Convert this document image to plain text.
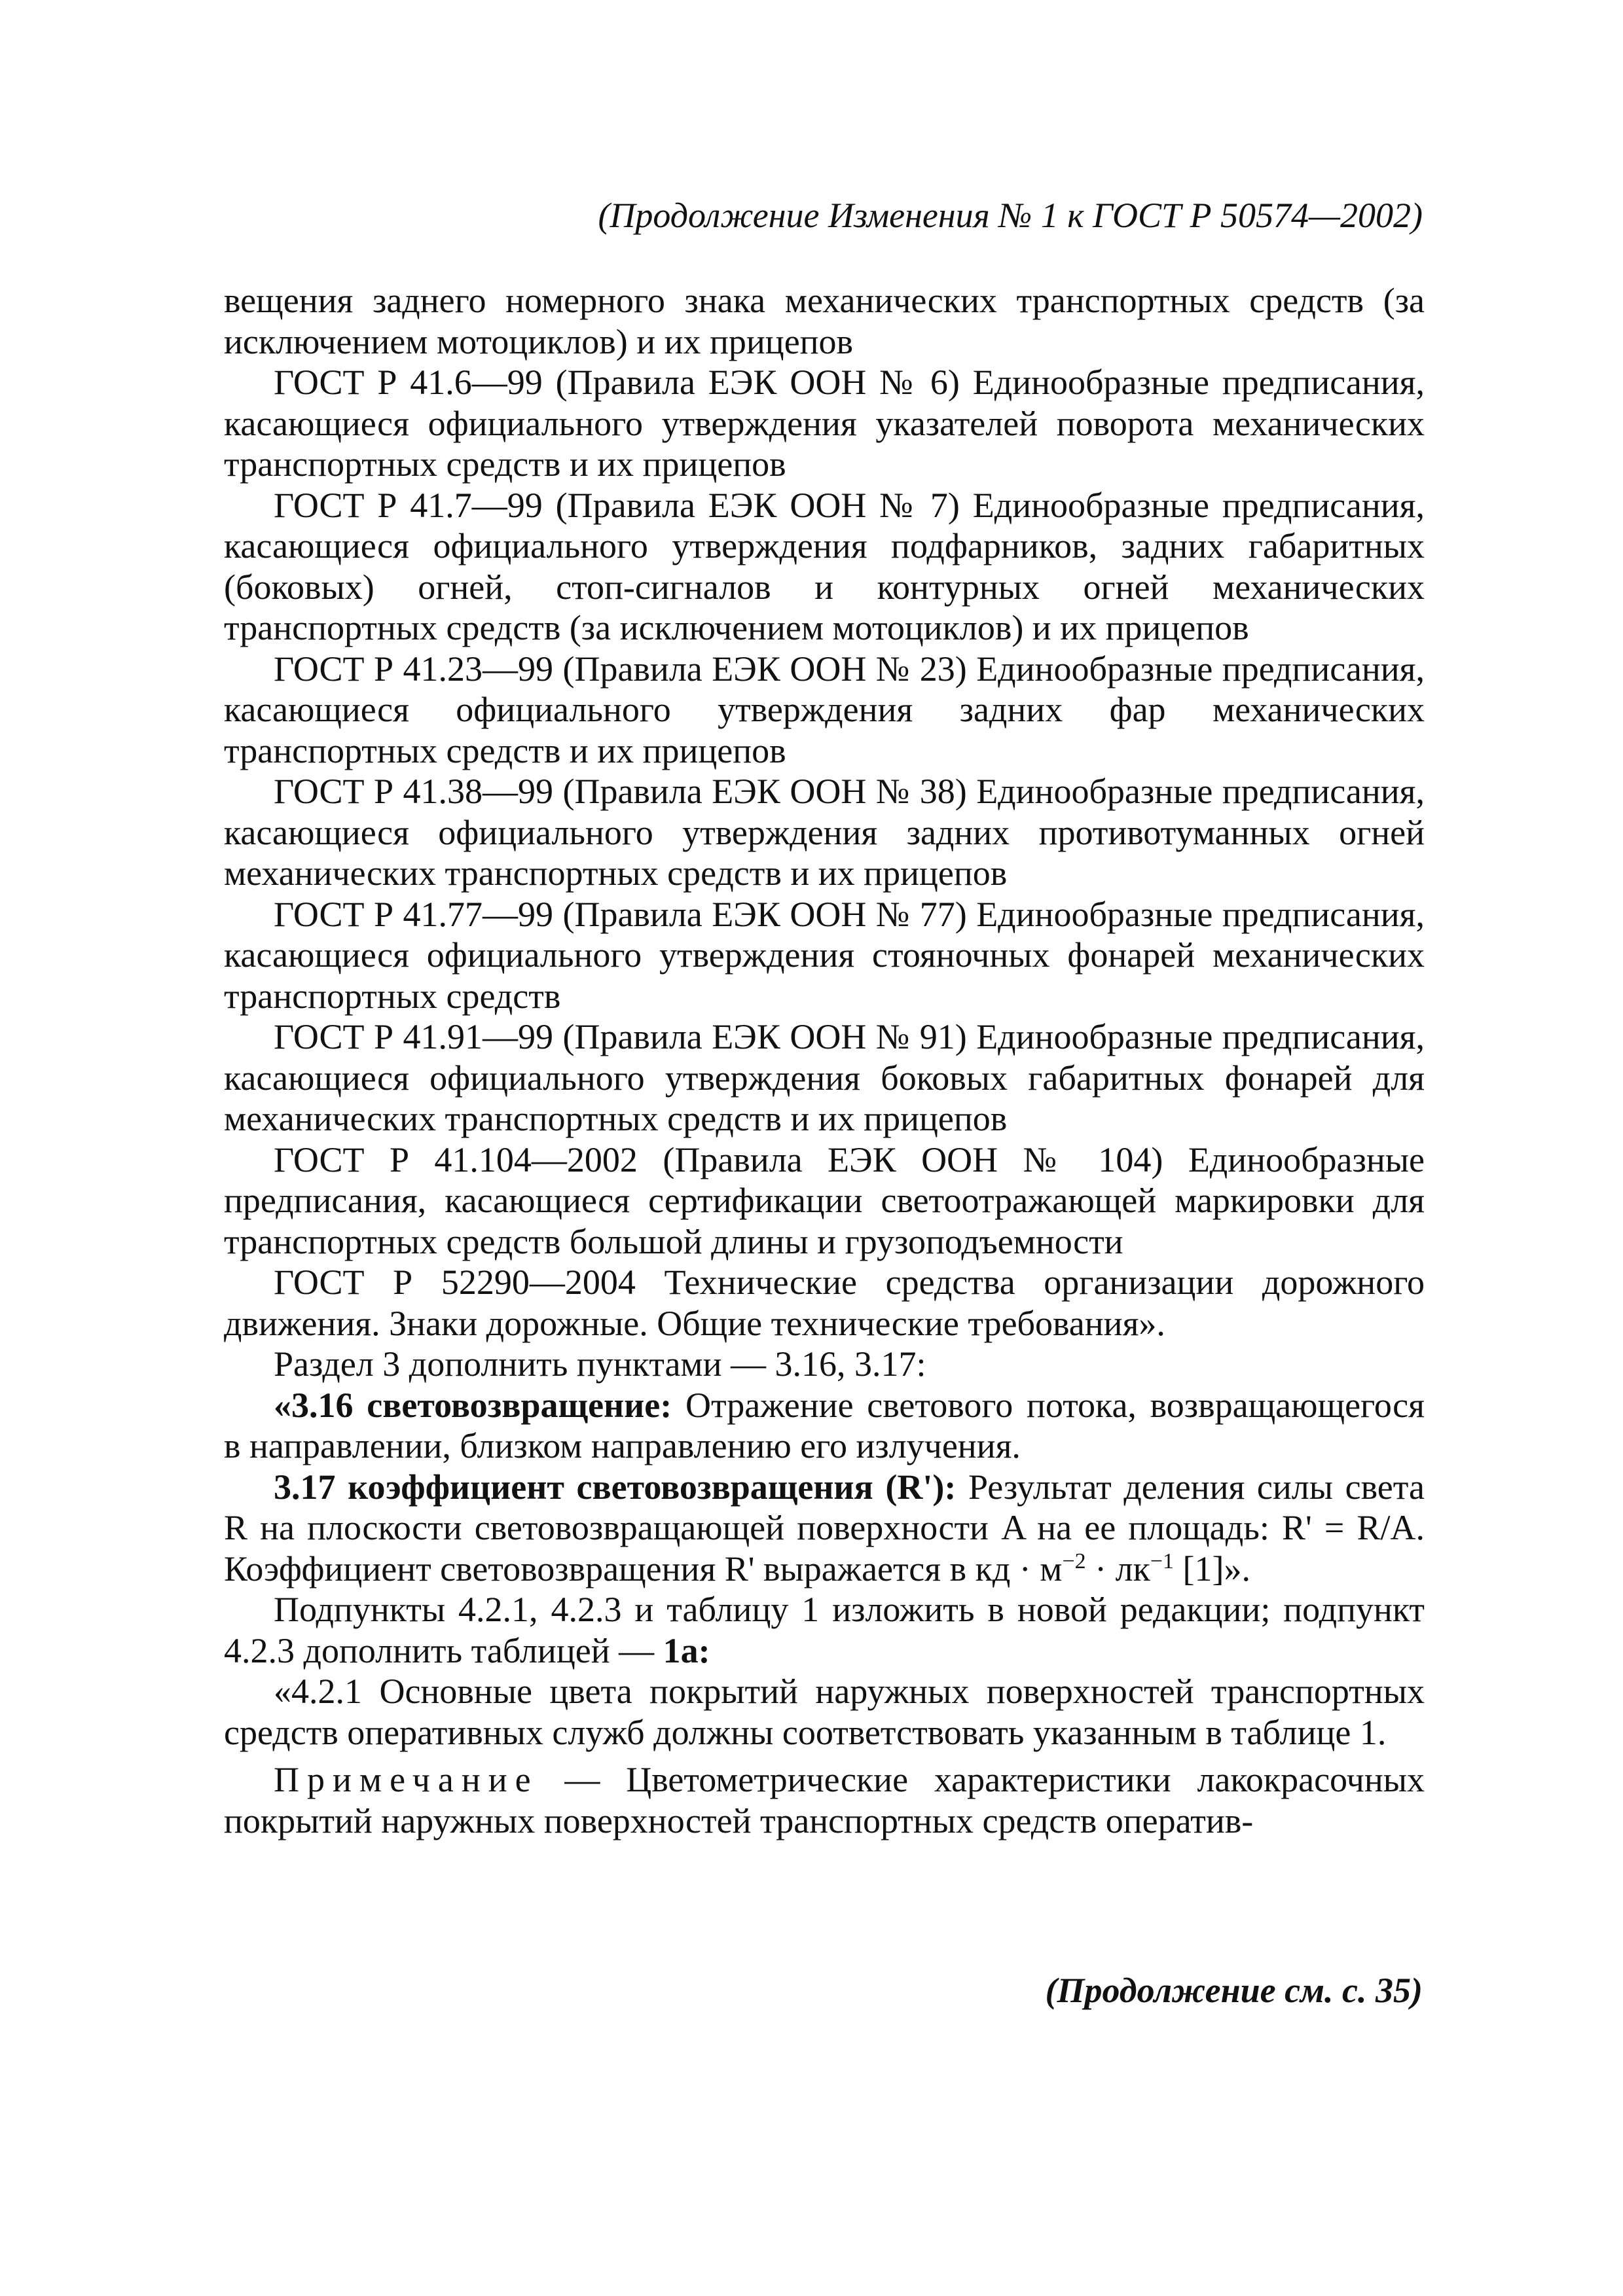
(Продолжение Изменения № 1 к ГОСТ Р 50574—2002)

вещения заднего номерного знака механических транспортных средств (за исключением мотоциклов) и их прицепов

ГОСТ Р 41.6—99 (Правила ЕЭК ООН № 6) Единообразные предписания, касающиеся официального утверждения указателей поворота механических транспортных средств и их прицепов

ГОСТ Р 41.7—99 (Правила ЕЭК ООН № 7) Единообразные предписания, касающиеся официального утверждения подфарников, задних габаритных (боковых) огней, стоп-сигналов и контурных огней механических транспортных средств (за исключением мотоциклов) и их прицепов

ГОСТ Р 41.23—99 (Правила ЕЭК ООН № 23) Единообразные предписания, касающиеся официального утверждения задних фар механических транспортных средств и их прицепов

ГОСТ Р 41.38—99 (Правила ЕЭК ООН № 38) Единообразные предписания, касающиеся официального утверждения задних противотуманных огней механических транспортных средств и их прицепов

ГОСТ Р 41.77—99 (Правила ЕЭК ООН № 77) Единообразные предписания, касающиеся официального утверждения стояночных фонарей механических транспортных средств

ГОСТ Р 41.91—99 (Правила ЕЭК ООН № 91) Единообразные предписания, касающиеся официального утверждения боковых габаритных фонарей для механических транспортных средств и их прицепов

ГОСТ Р 41.104—2002 (Правила ЕЭК ООН № 104) Единообразные предписания, касающиеся сертификации светоотражающей маркировки для транспортных средств большой длины и грузоподъемности

ГОСТ Р 52290—2004 Технические средства организации дорожного движения. Знаки дорожные. Общие технические требования».

Раздел 3 дополнить пунктами — 3.16, 3.17:

«3.16 световозвращение: Отражение светового потока, возвращающегося в направлении, близком направлению его излучения.

3.17 коэффициент световозвращения (R'): Результат деления силы света R на плоскости световозвращающей поверхности A на ее площадь: R' = R/A. Коэффициент световозвращения R' выражается в кд · $м^{-2} \cdot лк^{-1}$ [1]».

Подпункты 4.2.1, 4.2.3 и таблицу 1 изложить в новой редакции; подпункт 4.2.3 дополнить таблицей — 1а:

«4.2.1 Основные цвета покрытий наружных поверхностей транспортных средств оперативных служб должны соответствовать указанным в таблице 1.

Примечание — Цветометрические характеристики лакокрасочных покрытий наружных поверхностей транспортных средств оператив-

(Продолжение см. с. 35)
